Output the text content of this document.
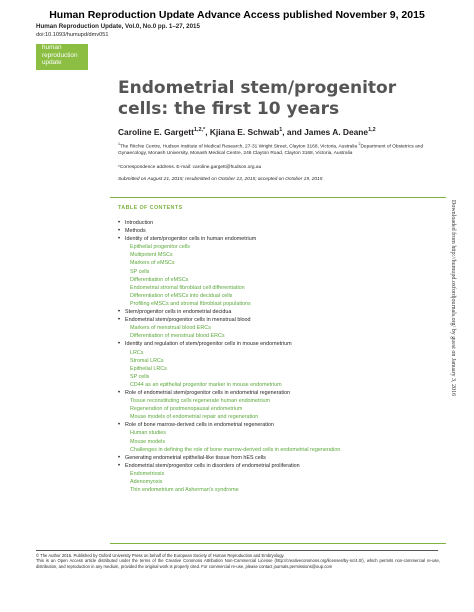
Human Reproduction Update Advance Access published November 9, 2015
Human Reproduction Update, Vol.0, No.0 pp. 1–27, 2015
doi:10.1093/humupd/dmv051
human
reproduction
update
Endometrial stem/progenitor cells: the first 10 years
Caroline E. Gargett$^{1,2,*}$, Kjiana E. Schwab$^1$, and James A. Deane$^{1,2}$
$^1$The Ritchie Centre, Hudson Institute of Medical Research, 27-31 Wright Street, Clayton 3168, Victoria, Australia $^2$Department of Obstetrics and Gynaecology, Monash University, Monash Medical Centre, 246 Clayton Road, Clayton 3168, Victoria, Australia
*Correspondence address. E-mail: caroline.gargett@hudson.org.au
Submitted on August 21, 2015; resubmitted on October 13, 2015; accepted on October 19, 2015
TABLE OF CONTENTS
• Introduction
• Methods
• Identity of stem/progenitor cells in human endometrium
Epithelial progenitor cells
Multipotent MSCs
Markers of eMSCs
SP cells
Differentiation of eMSCs
Endometrial stromal fibroblast cell differentiation
Differentiation of eMSCs into decidual cells
Profiling eMSCs and stromal fibroblast populations
• Stem/progenitor cells in endometrial decidua
• Endometrial stem/progenitor cells in menstrual blood
Markers of menstrual blood ERCs
Differentiation of menstrual blood ERCs
• Identity and regulation of stem/progenitor cells in mouse endometrium
LRCs
Stromal LRCs
Epithelial LRCs
SP cells
CD44 as an epithelial progenitor marker in mouse endometrium
• Role of endometrial stem/progenitor cells in endometrial regeneration
Tissue reconstituting cells regenerate human endometrium
Regeneration of postmenopausal endometrium
Mouse models of endometrial repair and regeneration
• Role of bone marrow-derived cells in endometrial regeneration
Human studies
Mouse models
Challenges in defining the role of bone marrow-derived cells in endometrial regeneration
• Generating endometrial epithelial-like tissue from hES cells
• Endometrial stem/progenitor cells in disorders of endometrial proliferation
Endometriosis
Adenomyosis
Thin endometrium and Asherman's syndrome
© The Author 2015. Published by Oxford University Press on behalf of the European Society of Human Reproduction and Embryology.
This is an Open Access article distributed under the terms of the Creative Commons Attribution Non-Commercial License (http://creativecommons.org/licenses/by-nc/4.0/), which permits non-commercial re-use, distribution, and reproduction in any medium, provided the original work is properly cited. For commercial re-use, please contact journals.permissions@oup.com
Downloaded from http://humupd.oxfordjournals.org/ by guest on January 3, 2016
